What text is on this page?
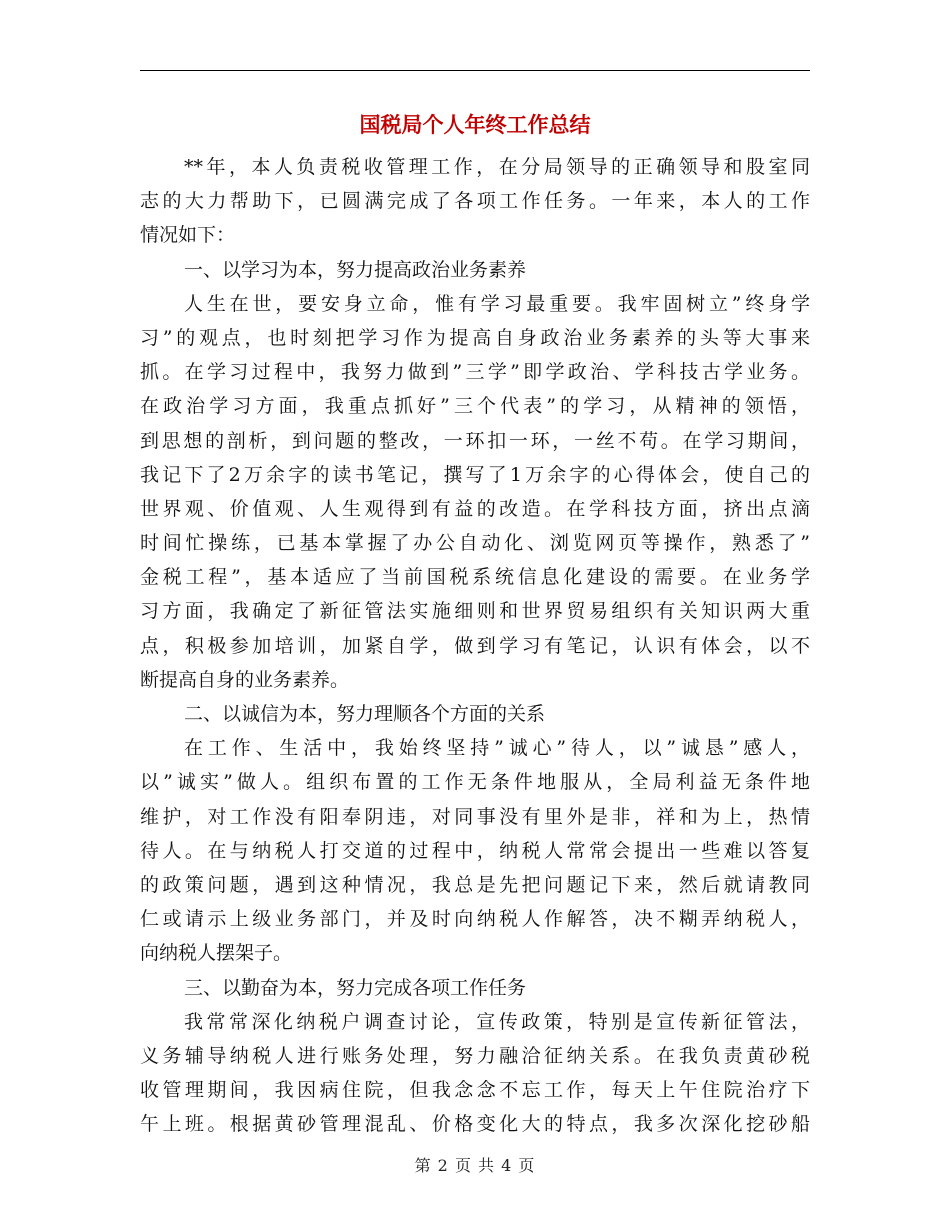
国税局个人年终工作总结
**年，本人负责税收管理工作，在分局领导的正确领导和股室同
志的大力帮助下，已圆满完成了各项工作任务。一年来，本人的工作
情况如下：
一、以学习为本，努力提高政治业务素养
人生在世，要安身立命，惟有学习最重要。我牢固树立”终身学
习”的观点，也时刻把学习作为提高自身政治业务素养的头等大事来
抓。在学习过程中，我努力做到”三学”即学政治、学科技古学业务。
在政治学习方面，我重点抓好”三个代表”的学习，从精神的领悟，
到思想的剖析，到问题的整改，一环扣一环，一丝不苟。在学习期间，
我记下了2万余字的读书笔记，撰写了1万余字的心得体会，使自己的
世界观、价值观、人生观得到有益的改造。在学科技方面，挤出点滴
时间忙操练，已基本掌握了办公自动化、浏览网页等操作，熟悉了”
金税工程”，基本适应了当前国税系统信息化建设的需要。在业务学
习方面，我确定了新征管法实施细则和世界贸易组织有关知识两大重
点，积极参加培训，加紧自学，做到学习有笔记，认识有体会，以不
断提高自身的业务素养。
二、以诚信为本，努力理顺各个方面的关系
在工作、生活中，我始终坚持”诚心”待人，以”诚恳”感人，
以”诚实”做人。组织布置的工作无条件地服从，全局利益无条件地
维护，对工作没有阳奉阴违，对同事没有里外是非，祥和为上，热情
待人。在与纳税人打交道的过程中，纳税人常常会提出一些难以答复
的政策问题，遇到这种情况，我总是先把问题记下来，然后就请教同
仁或请示上级业务部门，并及时向纳税人作解答，决不糊弄纳税人，
向纳税人摆架子。
三、以勤奋为本，努力完成各项工作任务
我常常深化纳税户调查讨论，宣传政策，特别是宣传新征管法，
义务辅导纳税人进行账务处理，努力融洽征纳关系。在我负责黄砂税
收管理期间，我因病住院，但我念念不忘工作，每天上午住院治疗下
午上班。根据黄砂管理混乱、价格变化大的特点，我多次深化挖砂船
第 2 页 共 4 页
